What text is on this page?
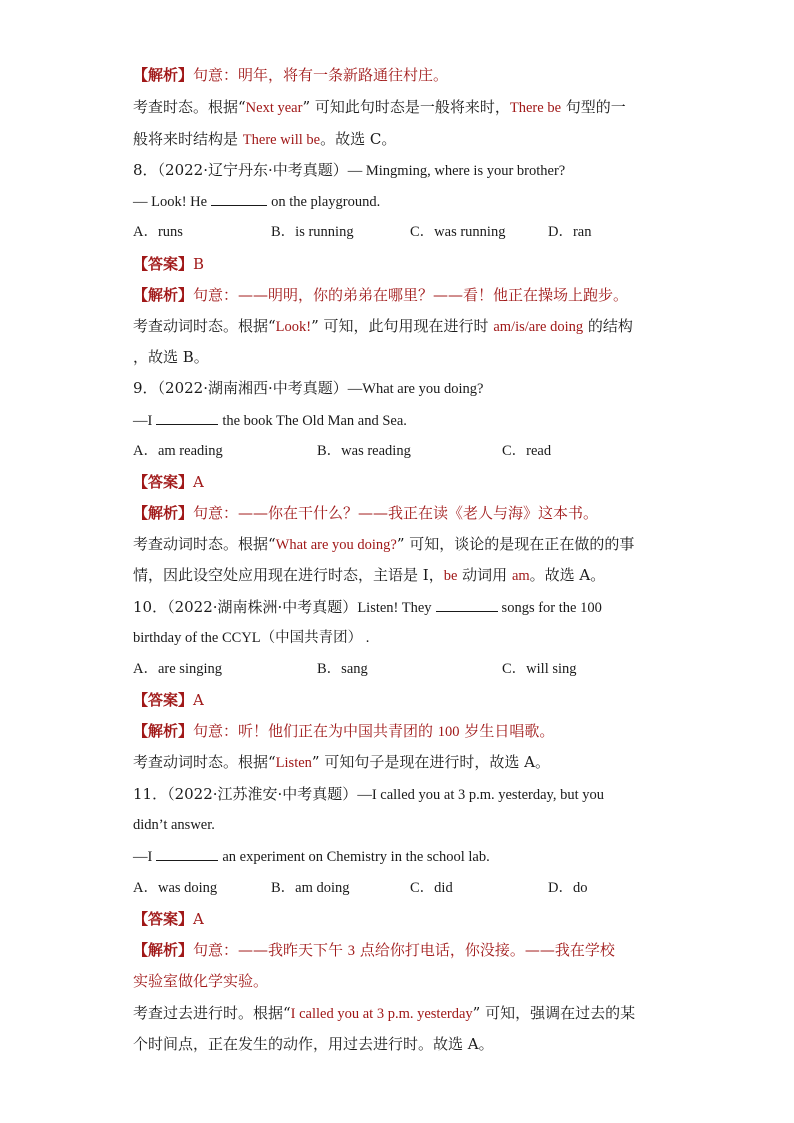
【解析】句意：明年，将有一条新路通往村庄。
考查时态。根据“Next year” 可知此句时态是一般将来时，There be 句型的一
般将来时结构是 There will be。故选 C。
8．（2022·辽宁丹东·中考真题）— Mingming, where is your brother?
— Look! He	on the playground.
A．runs	B．is running	C．was running	D．ran
【答案】B
【解析】句意：——明明，你的弟弟在哪里？——看！他正在操场上跑步。
考查动词时态。根据“Look!” 可知，此句用现在进行时 am/is/are doing 的结构
，故选 B。
9．（2022·湖南湘西·中考真题）—What are you doing?
—I	the book The Old Man and Sea.
A．am reading	B．was reading	C．read
【答案】A
【解析】句意：——你在干什么？——我正在读《老人与海》这本书。
考查动词时态。根据“What are you doing?” 可知，谈论的是现在正在做的的事
情，因此设空处应用现在进行时态，主语是 I，be 动词用 am。故选 A。
10．（2022·湖南株洲·中考真题）Listen! They	songs for the 100
birthday of the CCYL（中国共青团） .
A．are singing	B．sang	C．will sing
【答案】A
【解析】句意：听！他们正在为中国共青团的 100 岁生日唱歌。
考查动词时态。根据“Listen” 可知句子是现在进行时，故选 A。
11．（2022·江苏淮安·中考真题）—I called you at 3 p.m. yesterday, but you
didn’t answer.
—I	an experiment on Chemistry in the school lab.
A．was doing	B．am doing	C．did	D．do
【答案】A
【解析】句意：——我昨天下午 3 点给你打电话，你没接。——我在学校
实验室做化学实验。
考查过去进行时。根据“I called you at 3 p.m. yesterday” 可知，强调在过去的某
个时间点，正在发生的动作，用过去进行时。故选 A。
